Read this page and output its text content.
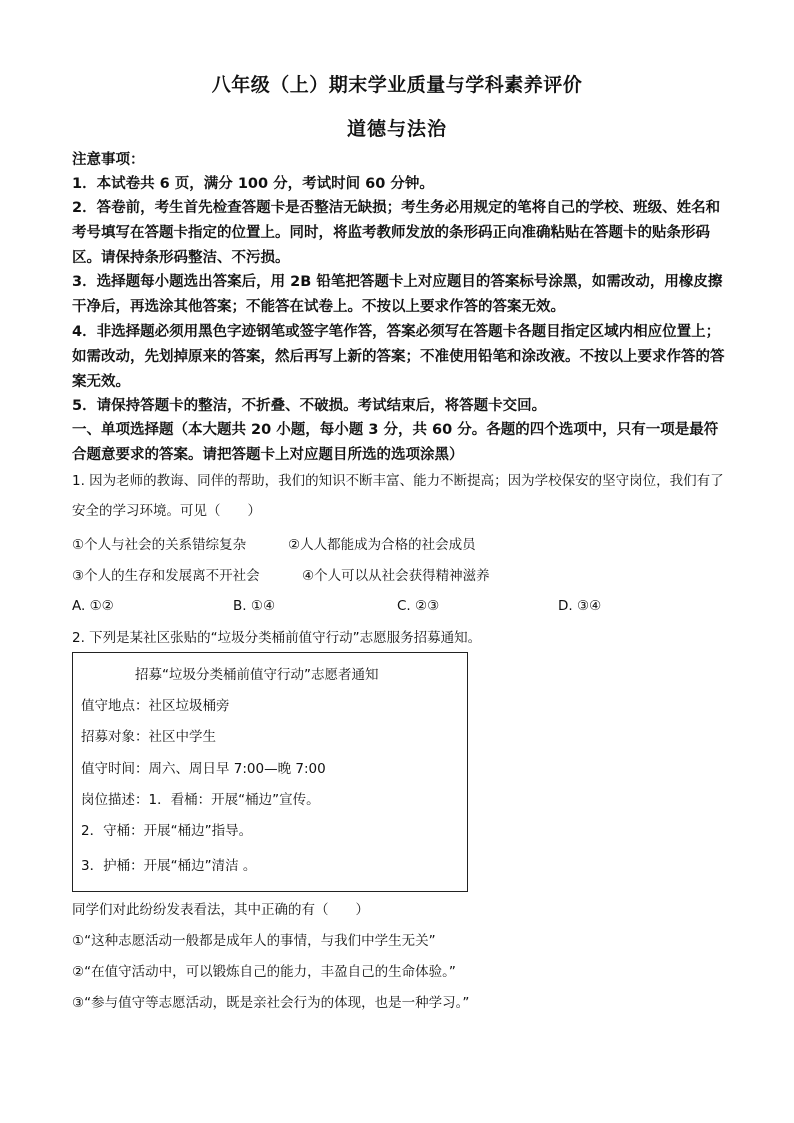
八年级（上）期末学业质量与学科素养评价
道德与法治
注意事项：
1．本试卷共 6 页，满分 100 分，考试时间 60 分钟。
2．答卷前，考生首先检查答题卡是否整洁无缺损；考生务必用规定的笔将自己的学校、班级、姓名和考号填写在答题卡指定的位置上。同时，将监考教师发放的条形码正向准确粘贴在答题卡的贴条形码区。请保持条形码整洁、不污损。
3．选择题每小题选出答案后，用 2B 铅笔把答题卡上对应题目的答案标号涂黑，如需改动，用橡皮擦干净后，再选涂其他答案；不能答在试卷上。不按以上要求作答的答案无效。
4．非选择题必须用黑色字迹钢笔或签字笔作答，答案必须写在答题卡各题目指定区域内相应位置上；如需改动，先划掉原来的答案，然后再写上新的答案；不准使用铅笔和涂改液。不按以上要求作答的答案无效。
5．请保持答题卡的整洁，不折叠、不破损。考试结束后，将答题卡交回。
一、单项选择题（本大题共 20 小题，每小题 3 分，共 60 分。各题的四个选项中，只有一项是最符合题意要求的答案。请把答题卡上对应题目所选的选项涂黑）
1. 因为老师的教诲、同伴的帮助，我们的知识不断丰富、能力不断提高；因为学校保安的坚守岗位，我们有了安全的学习环境。可见（　　）
①个人与社会的关系错综复杂	②人人都能成为合格的社会成员
③个人的生存和发展离不开社会	④个人可以从社会获得精神滋养
A. ①②	B. ①④	C. ②③	D. ③④
2. 下列是某社区张贴的“垃圾分类桶前值守行动”志愿服务招募通知。
招募“垃圾分类桶前值守行动”志愿者通知
值守地点：社区垃圾桶旁
招募对象：社区中学生
值守时间：周六、周日早 7:00—晚 7:00
岗位描述：1．看桶：开展“桶边”宣传。
2．守桶：开展“桶边”指导。
3．护桶：开展“桶边”清洁 。
同学们对此纷纷发表看法，其中正确的有（　　）
①“这种志愿活动一般都是成年人的事情，与我们中学生无关”
②“在值守活动中，可以锻炼自己的能力，丰盈自己的生命体验。”
③“参与值守等志愿活动，既是亲社会行为的体现，也是一种学习。”
